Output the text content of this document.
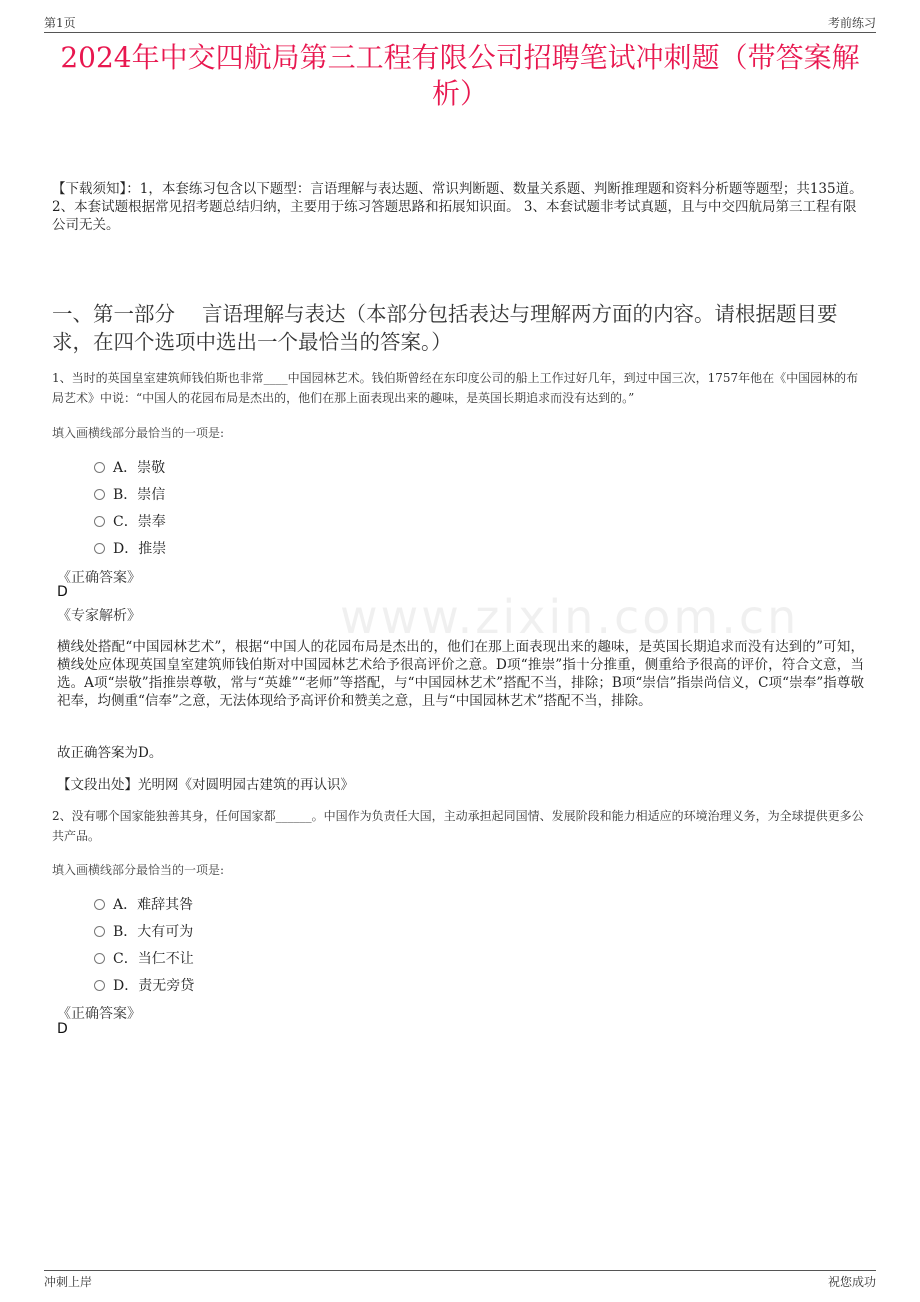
第1页	考前练习
2024年中交四航局第三工程有限公司招聘笔试冲刺题（带答案解析）
【下载须知】：1，本套练习包含以下题型：言语理解与表达题、常识判断题、数量关系题、判断推理题和资料分析题等题型；共135道。 2、本套试题根据常见招考题总结归纳，主要用于练习答题思路和拓展知识面。 3、本套试题非考试真题，且与中交四航局第三工程有限公司无关。
一、第一部分　 言语理解与表达（本部分包括表达与理解两方面的内容。请根据题目要求，在四个选项中选出一个最恰当的答案。）
www.zixin.com.cn
1、当时的英国皇室建筑师钱伯斯也非常____中国园林艺术。钱伯斯曾经在东印度公司的船上工作过好几年，到过中国三次，1757年他在《中国园林的布局艺术》中说：“中国人的花园布局是杰出的，他们在那上面表现出来的趣味，是英国长期追求而没有达到的。”
填入画横线部分最恰当的一项是:
A．崇敬
B．崇信
C．崇奉
D．推崇
《正确答案》
D
《专家解析》
横线处搭配“中国园林艺术”，根据“中国人的花园布局是杰出的，他们在那上面表现出来的趣味，是英国长期追求而没有达到的”可知，横线处应体现英国皇室建筑师钱伯斯对中国园林艺术给予很高评价之意。D项“推崇”指十分推重，侧重给予很高的评价，符合文意，当选。A项“崇敬”指推崇尊敬，常与“英雄”“老师”等搭配，与“中国园林艺术”搭配不当，排除；B项“崇信”指崇尚信义，C项“崇奉”指尊敬祀奉，均侧重“信奉”之意，无法体现给予高评价和赞美之意，且与“中国园林艺术”搭配不当，排除。
故正确答案为D。
【文段出处】光明网《对圆明园古建筑的再认识》
2、没有哪个国家能独善其身，任何国家都______。中国作为负责任大国，主动承担起同国情、发展阶段和能力相适应的环境治理义务，为全球提供更多公共产品。
填入画横线部分最恰当的一项是:
A．难辞其咎
B．大有可为
C．当仁不让
D．责无旁贷
《正确答案》
D
冲刺上岸	祝您成功
